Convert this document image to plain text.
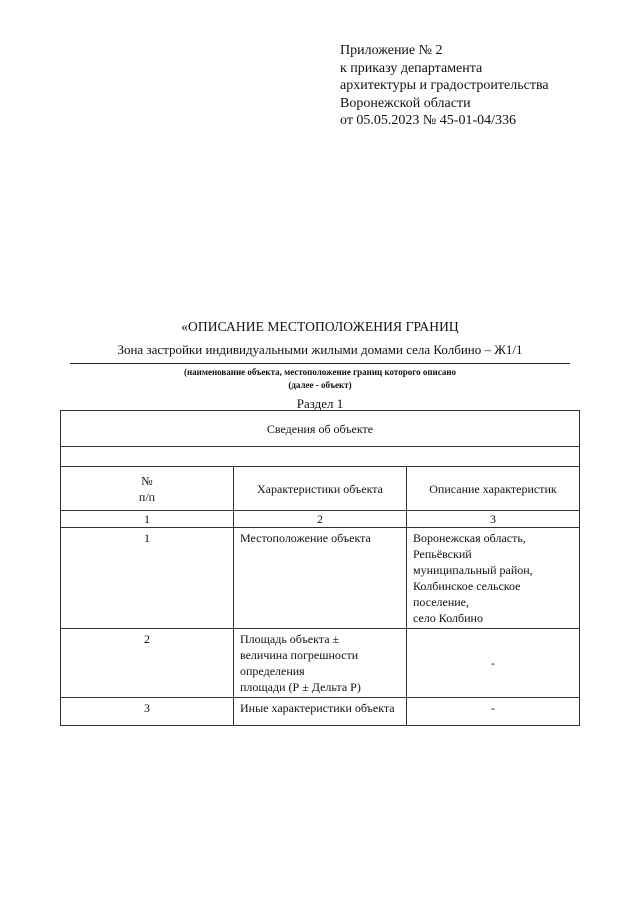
Приложение № 2
к приказу департамента
архитектуры и градостроительства
Воронежской области
от 05.05.2023 № 45-01-04/336
«ОПИСАНИЕ МЕСТОПОЛОЖЕНИЯ ГРАНИЦ
Зона застройки индивидуальными жилыми домами села Колбино – Ж1/1
(наименование объекта, местоположение границ которого описано
(далее - объект)
Раздел 1
Сведения об объекте		

№
п/п	Характеристики объекта	Описание характеристик
1	2	3
1	Местоположение объекта	Воронежская область, Репьёвский
муниципальный район,
Колбинское сельское поселение,
село Колбино

2	Площадь объекта ±
величина погрешности определения
площади (Р ± Дельта Р)	-
3	Иные характеристики объекта	-
